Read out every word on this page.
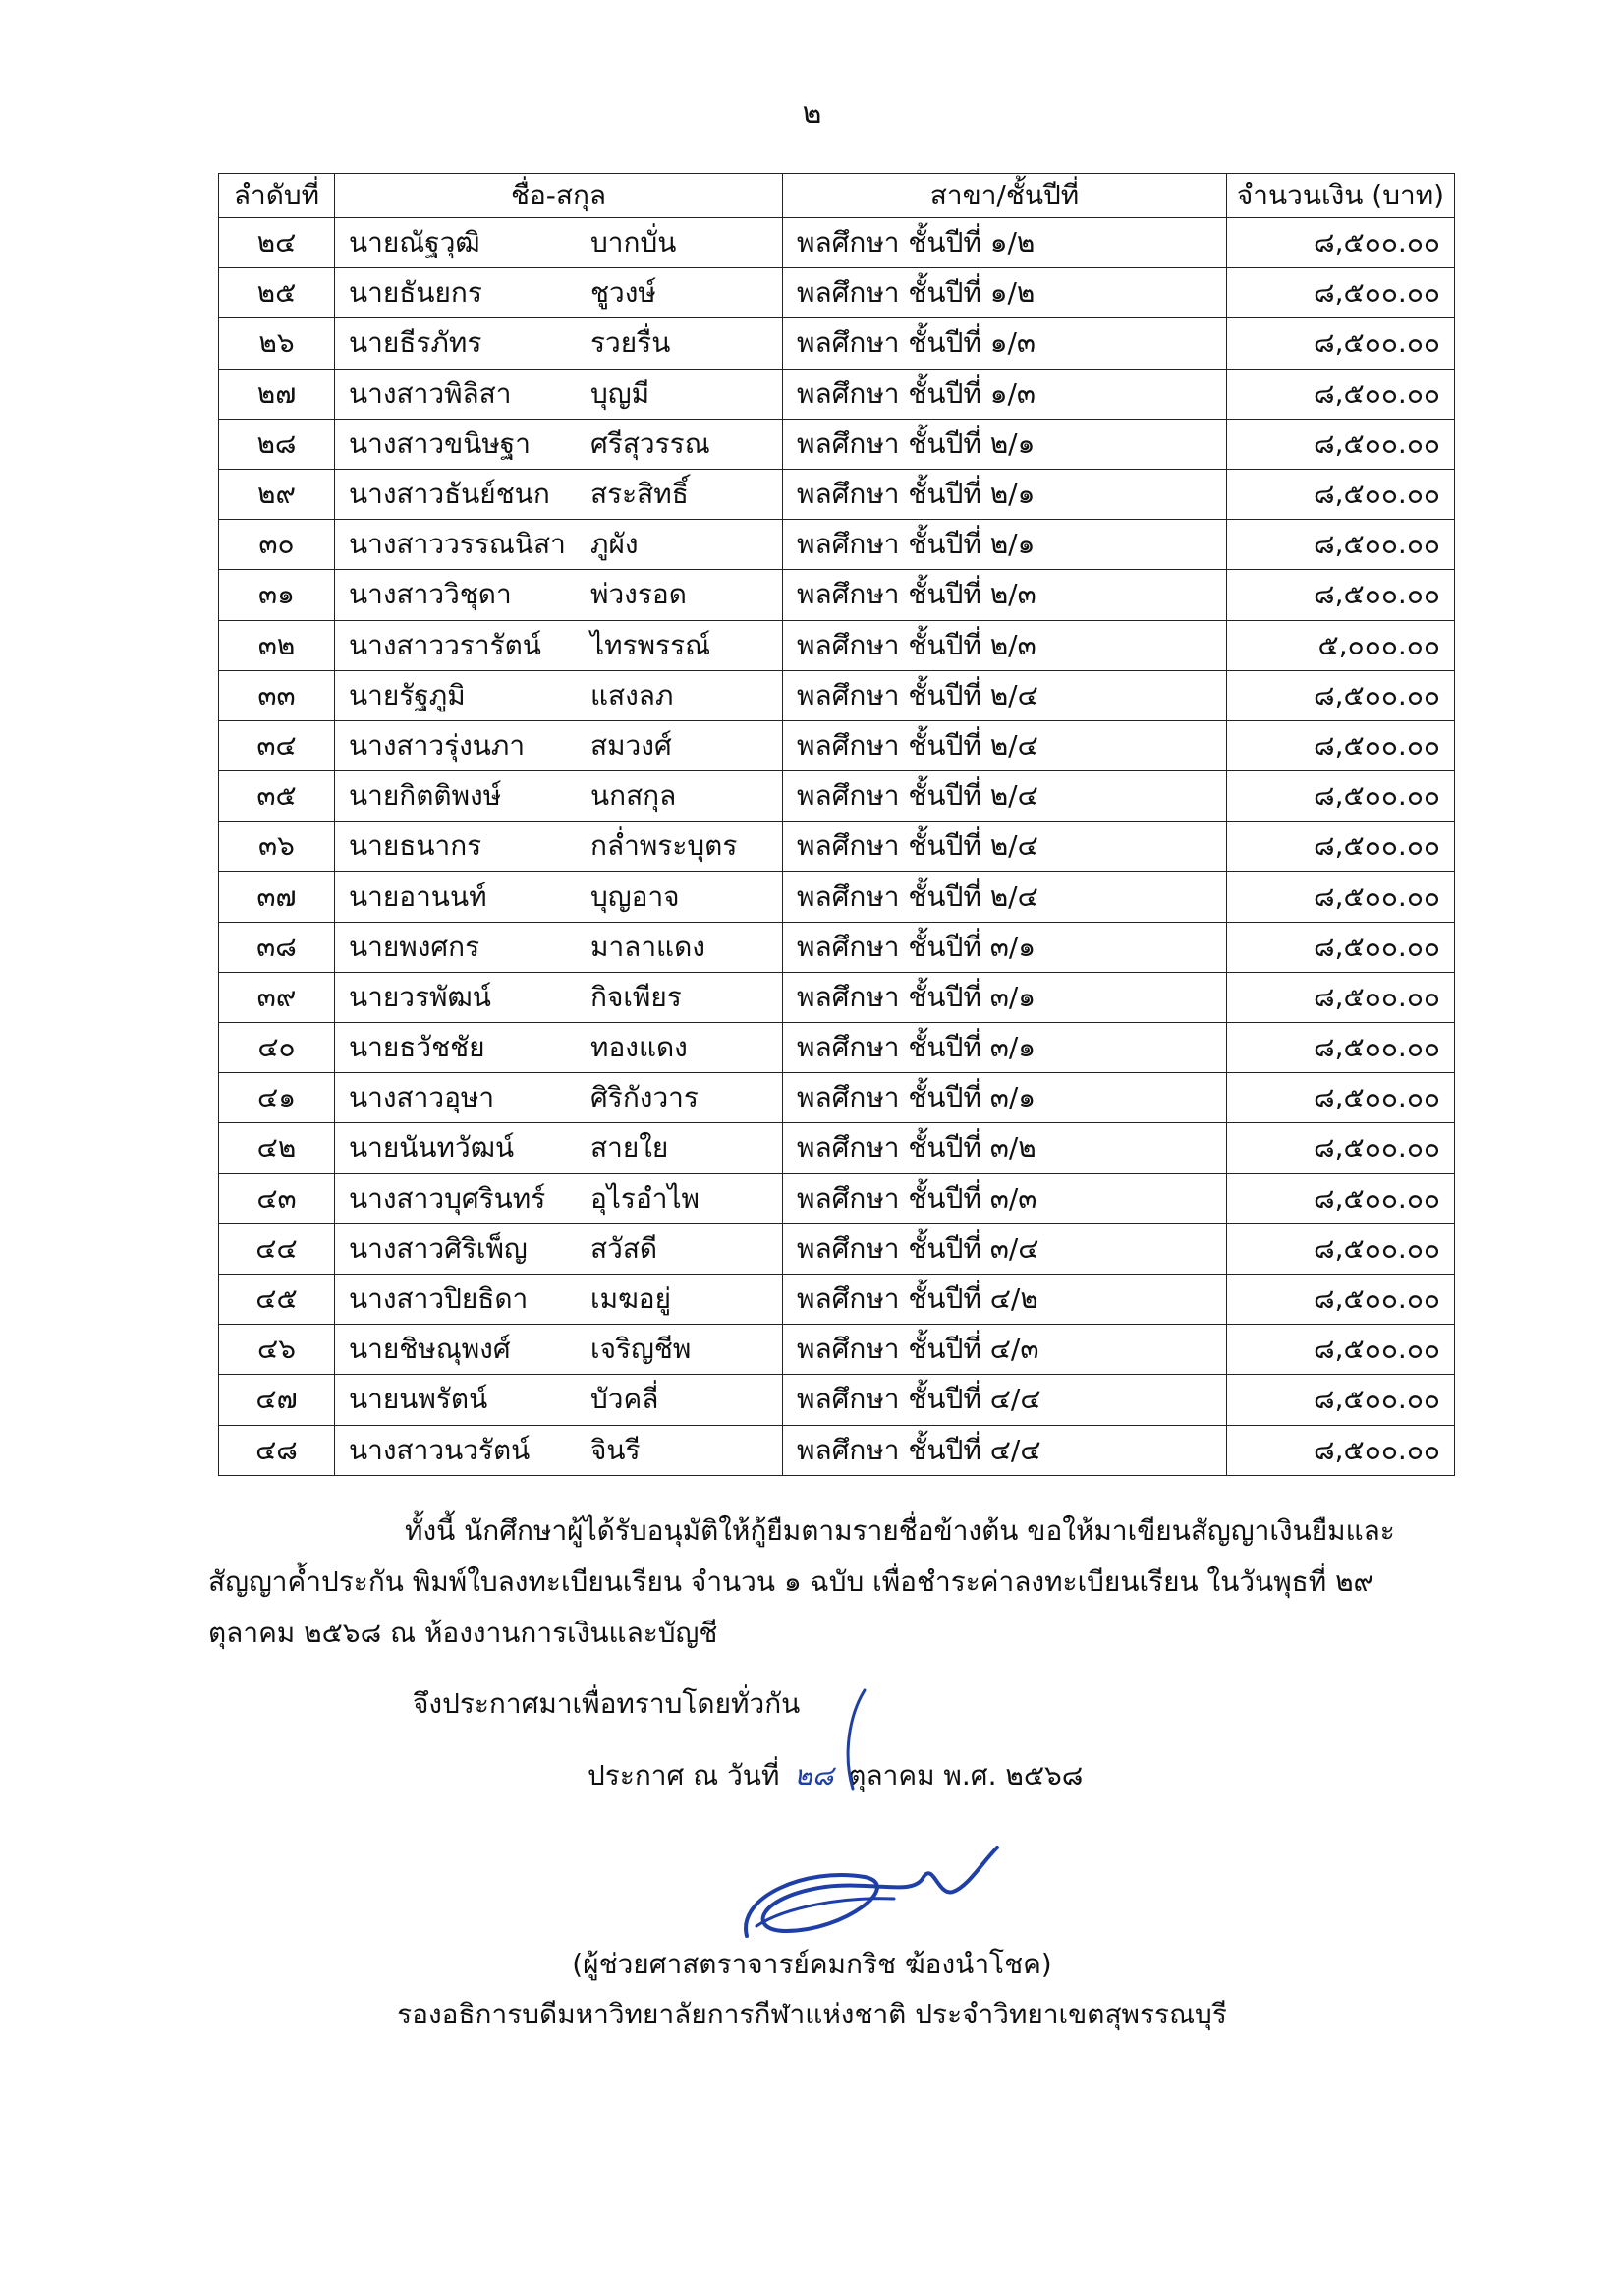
๒
ลำดับที่	ชื่อ-สกุล	สาขา/ชั้นปีที่	จำนวนเงิน (บาท)
๒๔	นายณัฐวุฒิ บากบั่น	พลศึกษา ชั้นปีที่ ๑/๒	๘,๕๐๐.๐๐
๒๕	นายธันยกร ชูวงษ์	พลศึกษา ชั้นปีที่ ๑/๒	๘,๕๐๐.๐๐
๒๖	นายธีรภัทร รวยรื่น	พลศึกษา ชั้นปีที่ ๑/๓	๘,๕๐๐.๐๐
๒๗	นางสาวพิลิสา บุญมี	พลศึกษา ชั้นปีที่ ๑/๓	๘,๕๐๐.๐๐
๒๘	นางสาวขนิษฐา ศรีสุวรรณ	พลศึกษา ชั้นปีที่ ๒/๑	๘,๕๐๐.๐๐
๒๙	นางสาวธันย์ชนก สระสิทธิ์	พลศึกษา ชั้นปีที่ ๒/๑	๘,๕๐๐.๐๐
๓๐	นางสาววรรณนิสา ภูผัง	พลศึกษา ชั้นปีที่ ๒/๑	๘,๕๐๐.๐๐
๓๑	นางสาววิชุดา พ่วงรอด	พลศึกษา ชั้นปีที่ ๒/๓	๘,๕๐๐.๐๐
๓๒	นางสาววรารัตน์ ไทรพรรณ์	พลศึกษา ชั้นปีที่ ๒/๓	๕,๐๐๐.๐๐
๓๓	นายรัฐภูมิ แสงลภ	พลศึกษา ชั้นปีที่ ๒/๔	๘,๕๐๐.๐๐
๓๔	นางสาวรุ่งนภา สมวงศ์	พลศึกษา ชั้นปีที่ ๒/๔	๘,๕๐๐.๐๐
๓๕	นายกิตติพงษ์ นกสกุล	พลศึกษา ชั้นปีที่ ๒/๔	๘,๕๐๐.๐๐
๓๖	นายธนากร กล่ำพระบุตร	พลศึกษา ชั้นปีที่ ๒/๔	๘,๕๐๐.๐๐
๓๗	นายอานนท์ บุญอาจ	พลศึกษา ชั้นปีที่ ๒/๔	๘,๕๐๐.๐๐
๓๘	นายพงศกร มาลาแดง	พลศึกษา ชั้นปีที่ ๓/๑	๘,๕๐๐.๐๐
๓๙	นายวรพัฒน์ กิจเพียร	พลศึกษา ชั้นปีที่ ๓/๑	๘,๕๐๐.๐๐
๔๐	นายธวัชชัย ทองแดง	พลศึกษา ชั้นปีที่ ๓/๑	๘,๕๐๐.๐๐
๔๑	นางสาวอุษา ศิริกังวาร	พลศึกษา ชั้นปีที่ ๓/๑	๘,๕๐๐.๐๐
๔๒	นายนันทวัฒน์ สายใย	พลศึกษา ชั้นปีที่ ๓/๒	๘,๕๐๐.๐๐
๔๓	นางสาวบุศรินทร์ อุไรอำไพ	พลศึกษา ชั้นปีที่ ๓/๓	๘,๕๐๐.๐๐
๔๔	นางสาวศิริเพ็ญ สวัสดี	พลศึกษา ชั้นปีที่ ๓/๔	๘,๕๐๐.๐๐
๔๕	นางสาวปิยธิดา เมฆอยู่	พลศึกษา ชั้นปีที่ ๔/๒	๘,๕๐๐.๐๐
๔๖	นายชิษณุพงศ์ เจริญชีพ	พลศึกษา ชั้นปีที่ ๔/๓	๘,๕๐๐.๐๐
๔๗	นายนพรัตน์ บัวคลี่	พลศึกษา ชั้นปีที่ ๔/๔	๘,๕๐๐.๐๐
๔๘	นางสาวนวรัตน์ จินรี	พลศึกษา ชั้นปีที่ ๔/๔	๘,๕๐๐.๐๐
ทั้งนี้ นักศึกษาผู้ได้รับอนุมัติให้กู้ยืมตามรายชื่อข้างต้น ขอให้มาเขียนสัญญาเงินยืมและ
สัญญาค้ำประกัน พิมพ์ใบลงทะเบียนเรียน จำนวน ๑ ฉบับ เพื่อชำระค่าลงทะเบียนเรียน ในวันพุธที่ ๒๙
ตุลาคม ๒๕๖๘ ณ ห้องงานการเงินและบัญชี
จึงประกาศมาเพื่อทราบโดยทั่วกัน
ประกาศ ณ วันที่ ๒๘ ตุลาคม พ.ศ. ๒๕๖๘
(ผู้ช่วยศาสตราจารย์คมกริช ฆ้องนำโชค)
รองอธิการบดีมหาวิทยาลัยการกีฬาแห่งชาติ ประจำวิทยาเขตสุพรรณบุรี
